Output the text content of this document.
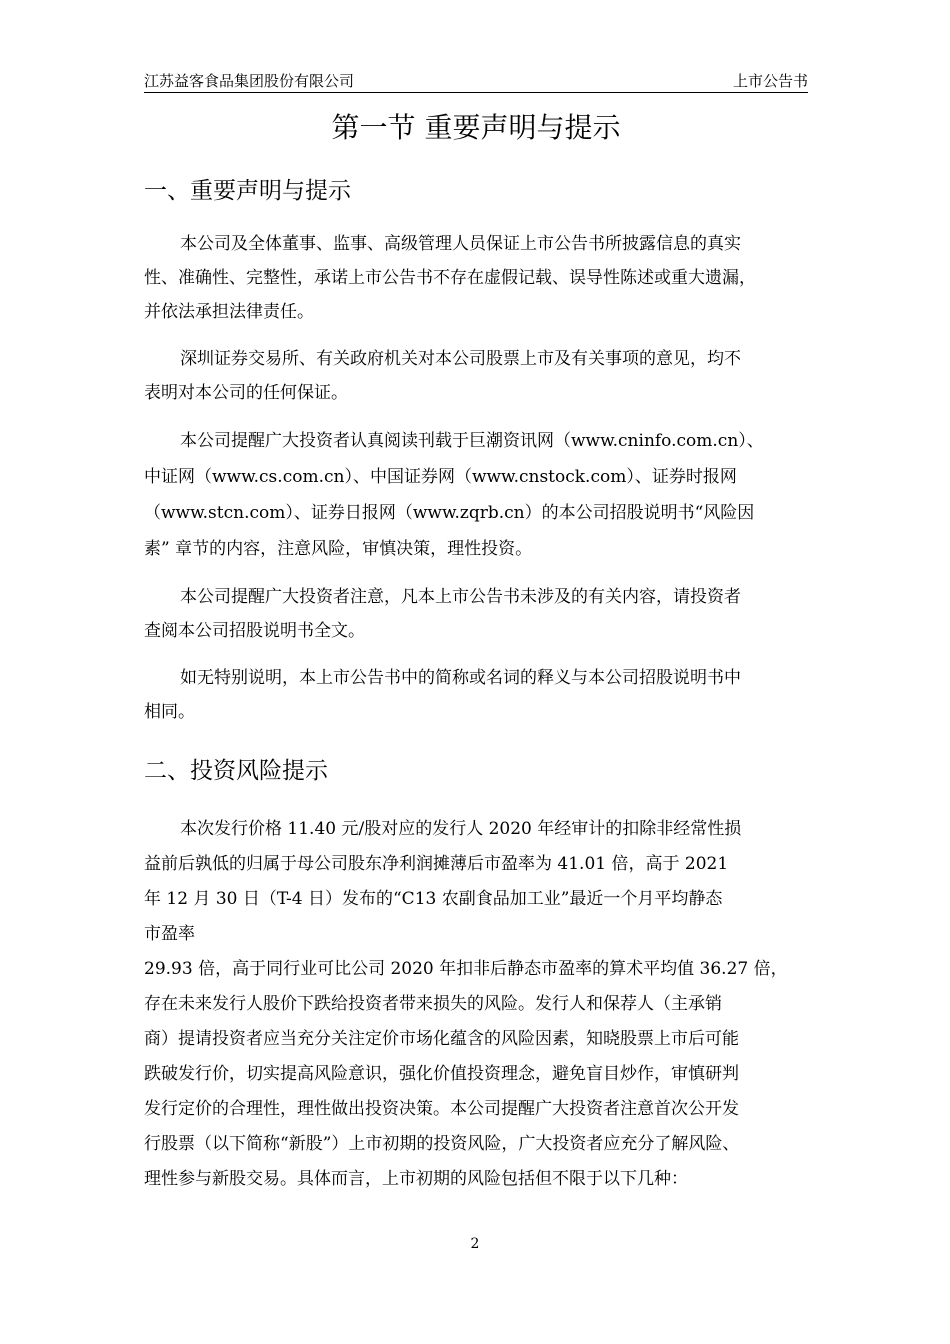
江苏益客食品集团股份有限公司	上市公告书
第一节 重要声明与提示
一、重要声明与提示
本公司及全体董事、监事、高级管理人员保证上市公告书所披露信息的真实
性、准确性、完整性，承诺上市公告书不存在虚假记载、误导性陈述或重大遗漏，
并依法承担法律责任。
深圳证券交易所、有关政府机关对本公司股票上市及有关事项的意见，均不
表明对本公司的任何保证。
本公司提醒广大投资者认真阅读刊载于巨潮资讯网（www.cninfo.com.cn）、
中证网（www.cs.com.cn）、中国证券网（www.cnstock.com）、证券时报网
（www.stcn.com）、证券日报网（www.zqrb.cn）的本公司招股说明书“风险因
素” 章节的内容，注意风险，审慎决策，理性投资。
本公司提醒广大投资者注意，凡本上市公告书未涉及的有关内容，请投资者
查阅本公司招股说明书全文。
如无特别说明，本上市公告书中的简称或名词的释义与本公司招股说明书中
相同。
二、投资风险提示
本次发行价格 11.40 元/股对应的发行人 2020 年经审计的扣除非经常性损
益前后孰低的归属于母公司股东净利润摊薄后市盈率为 41.01 倍，高于 2021
年 12 月 30 日（T-4 日）发布的“C13 农副食品加工业”最近一个月平均静态
市盈率
29.93 倍，高于同行业可比公司 2020 年扣非后静态市盈率的算术平均值 36.27 倍，
存在未来发行人股价下跌给投资者带来损失的风险。发行人和保荐人（主承销
商）提请投资者应当充分关注定价市场化蕴含的风险因素，知晓股票上市后可能
跌破发行价，切实提高风险意识，强化价值投资理念，避免盲目炒作，审慎研判
发行定价的合理性，理性做出投资决策。本公司提醒广大投资者注意首次公开发
行股票（以下简称“新股”）上市初期的投资风险，广大投资者应充分了解风险、
理性参与新股交易。具体而言，上市初期的风险包括但不限于以下几种：
2
